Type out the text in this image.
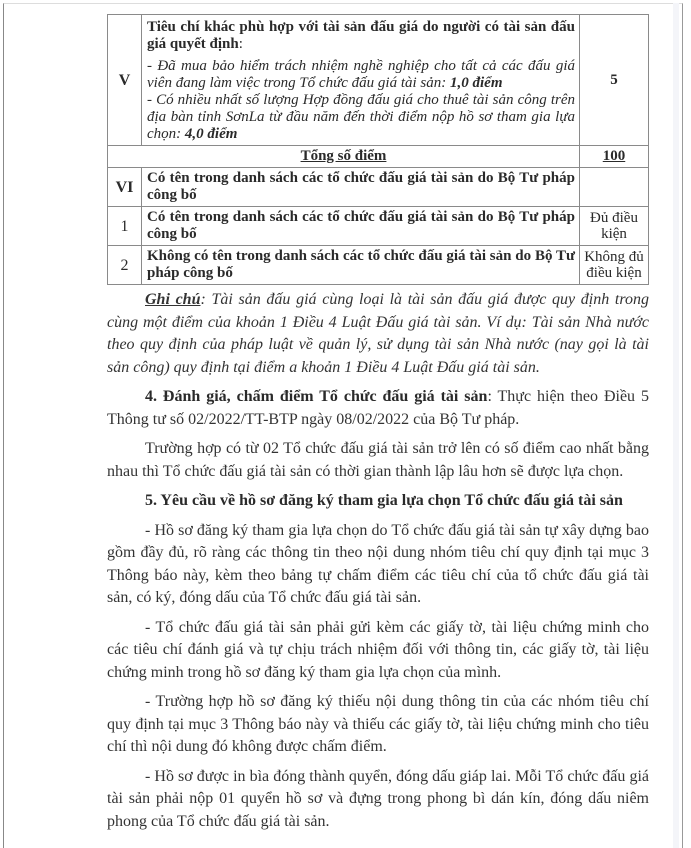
V	Tiêu chí khác phù hợp với tài sản đấu giá do người có tài sản đấu giá quyết định:

- Đã mua bảo hiểm trách nhiệm nghề nghiệp cho tất cả các đấu giá viên đang làm việc trong Tổ chức đấu giá tài sản: 1,0 điểm

- Có nhiều nhất số lượng Hợp đồng đấu giá cho thuê tài sản công trên địa bàn tỉnh SơnLa từ đầu năm đến thời điểm nộp hồ sơ tham gia lựa chọn: 4,0 điểm	5
Tổng số điểm		100
VI	Có tên trong danh sách các tổ chức đấu giá tài sản do Bộ Tư pháp công bố	
1	Có tên trong danh sách các tổ chức đấu giá tài sản do Bộ Tư pháp công bố	Đủ điều kiện
2	Không có tên trong danh sách các tổ chức đấu giá tài sản do Bộ Tư pháp công bố	Không đủ điều kiện

Ghi chú: Tài sản đấu giá cùng loại là tài sản đấu giá được quy định trong cùng một điểm của khoản 1 Điều 4 Luật Đấu giá tài sản. Ví dụ: Tài sản Nhà nước theo quy định của pháp luật về quản lý, sử dụng tài sản Nhà nước (nay gọi là tài sản công) quy định tại điểm a khoản 1 Điều 4 Luật Đấu giá tài sản.

4. Đánh giá, chấm điểm Tổ chức đấu giá tài sản: Thực hiện theo Điều 5 Thông tư số 02/2022/TT-BTP ngày 08/02/2022 của Bộ Tư pháp.

Trường hợp có từ 02 Tổ chức đấu giá tài sản trở lên có số điểm cao nhất bằng nhau thì Tổ chức đấu giá tài sản có thời gian thành lập lâu hơn sẽ được lựa chọn.

5. Yêu cầu về hồ sơ đăng ký tham gia lựa chọn Tổ chức đấu giá tài sản

- Hồ sơ đăng ký tham gia lựa chọn do Tổ chức đấu giá tài sản tự xây dựng bao gồm đầy đủ, rõ ràng các thông tin theo nội dung nhóm tiêu chí quy định tại mục 3 Thông báo này, kèm theo bảng tự chấm điểm các tiêu chí của tổ chức đấu giá tài sản, có ký, đóng dấu của Tổ chức đấu giá tài sản.

- Tổ chức đấu giá tài sản phải gửi kèm các giấy tờ, tài liệu chứng minh cho các tiêu chí đánh giá và tự chịu trách nhiệm đối với thông tin, các giấy tờ, tài liệu chứng minh trong hồ sơ đăng ký tham gia lựa chọn của mình.

- Trường hợp hồ sơ đăng ký thiếu nội dung thông tin của các nhóm tiêu chí quy định tại mục 3 Thông báo này và thiếu các giấy tờ, tài liệu chứng minh cho tiêu chí thì nội dung đó không được chấm điểm.

- Hồ sơ được in bìa đóng thành quyển, đóng dấu giáp lai. Mỗi Tổ chức đấu giá tài sản phải nộp 01 quyển hồ sơ và đựng trong phong bì dán kín, đóng dấu niêm phong của Tổ chức đấu giá tài sản.
